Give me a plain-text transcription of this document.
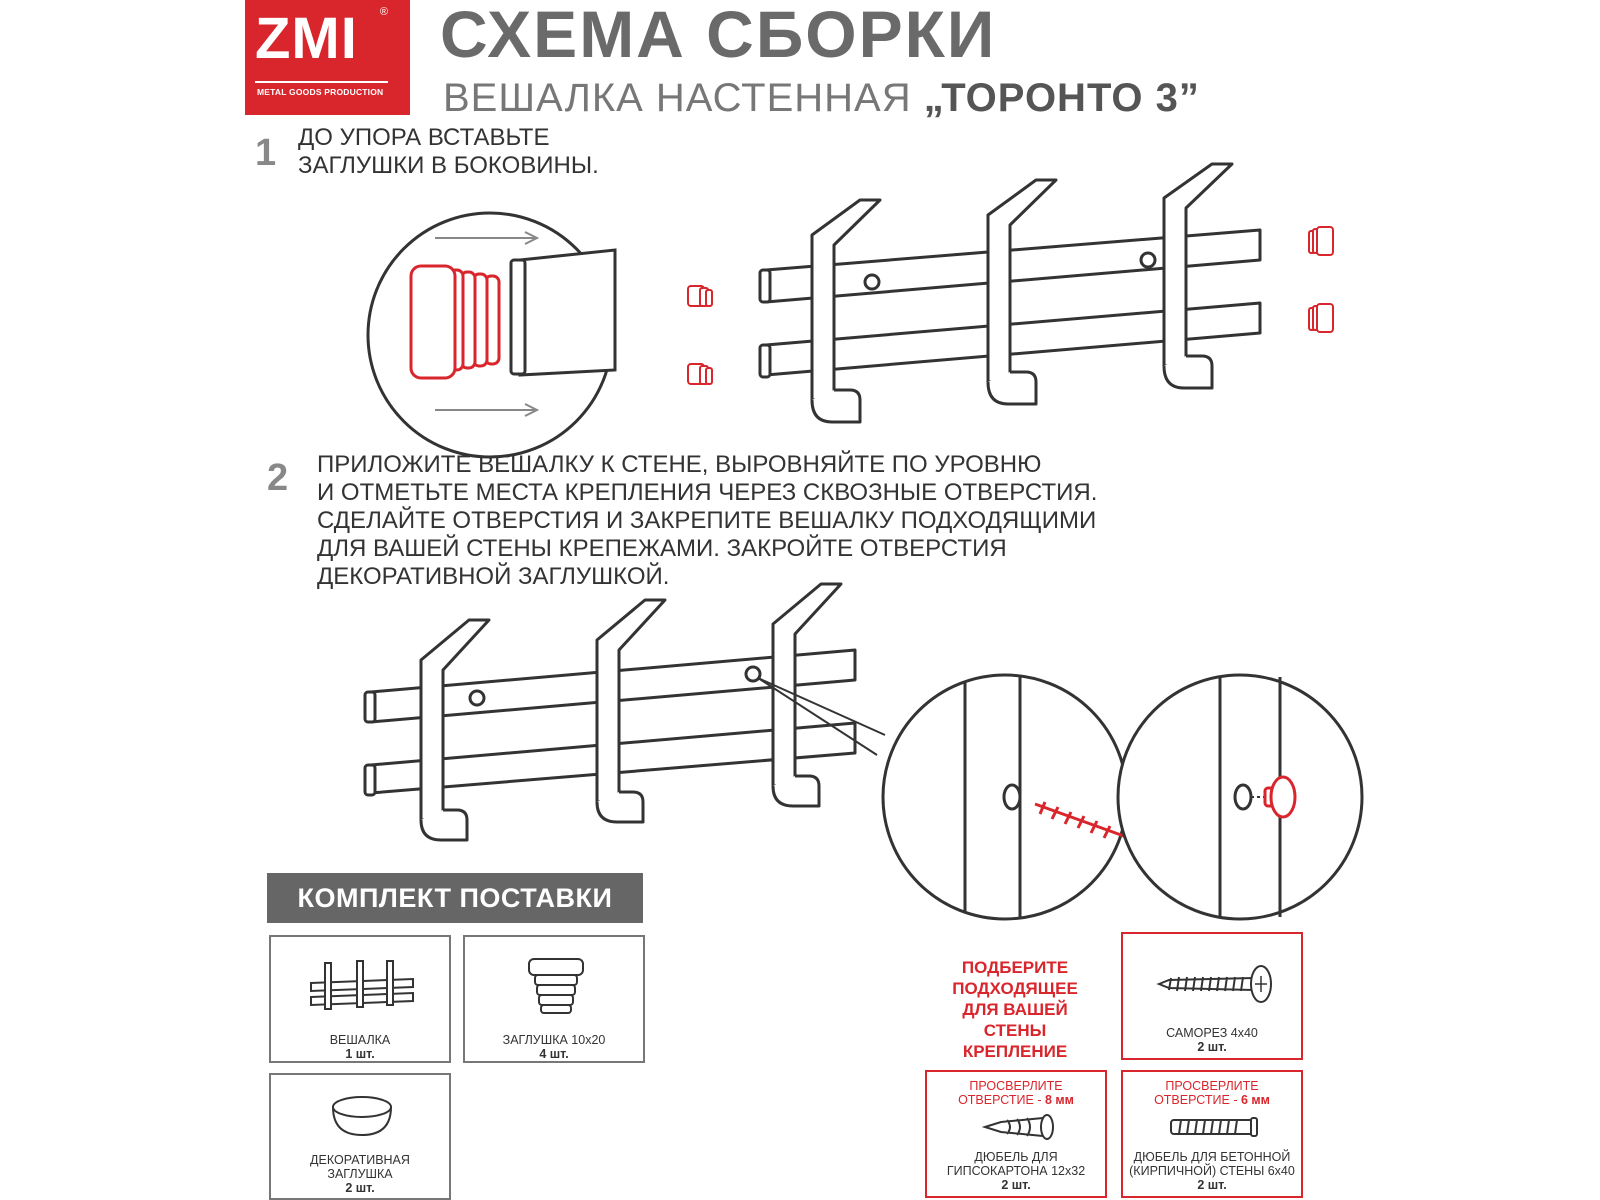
ZMI ®
METAL GOODS PRODUCTION
СХЕМА СБОРКИ
ВЕШАЛКА НАСТЕННАЯ „ТОРОНТО 3”
1 ДО УПОРА ВСТАВЬТЕ
ЗАГЛУШКИ В БОКОВИНЫ.
2 ПРИЛОЖИТЕ ВЕШАЛКУ К СТЕНЕ, ВЫРОВНЯЙТЕ ПО УРОВНЮ
И ОТМЕТЬТЕ МЕСТА КРЕПЛЕНИЯ ЧЕРЕЗ СКВОЗНЫЕ ОТВЕРСТИЯ.
СДЕЛАЙТЕ ОТВЕРСТИЯ И ЗАКРЕПИТЕ ВЕШАЛКУ ПОДХОДЯЩИМИ
ДЛЯ ВАШЕЙ СТЕНЫ КРЕПЕЖАМИ. ЗАКРОЙТЕ ОТВЕРСТИЯ
ДЕКОРАТИВНОЙ ЗАГЛУШКОЙ.
КОМПЛЕКТ ПОСТАВКИ
ВЕШАЛКА
1 шт.
ЗАГЛУШКА 10x20
4 шт.
ДЕКОРАТИВНАЯ
ЗАГЛУШКА
2 шт.
ПОДБЕРИТЕ
ПОДХОДЯЩЕЕ
ДЛЯ ВАШЕЙ
СТЕНЫ КРЕПЛЕНИЕ
САМОРЕЗ 4x40
2 шт.
ПРОСВЕРЛИТЕ
ОТВЕРСТИЕ - 8 мм
ДЮБЕЛЬ ДЛЯ
ГИПСОКАРТОНА 12x32
2 шт.
ПРОСВЕРЛИТЕ
ОТВЕРСТИЕ - 6 мм
ДЮБЕЛЬ ДЛЯ БЕТОННОЙ
(КИРПИЧНОЙ) СТЕНЫ 6x40
2 шт.
